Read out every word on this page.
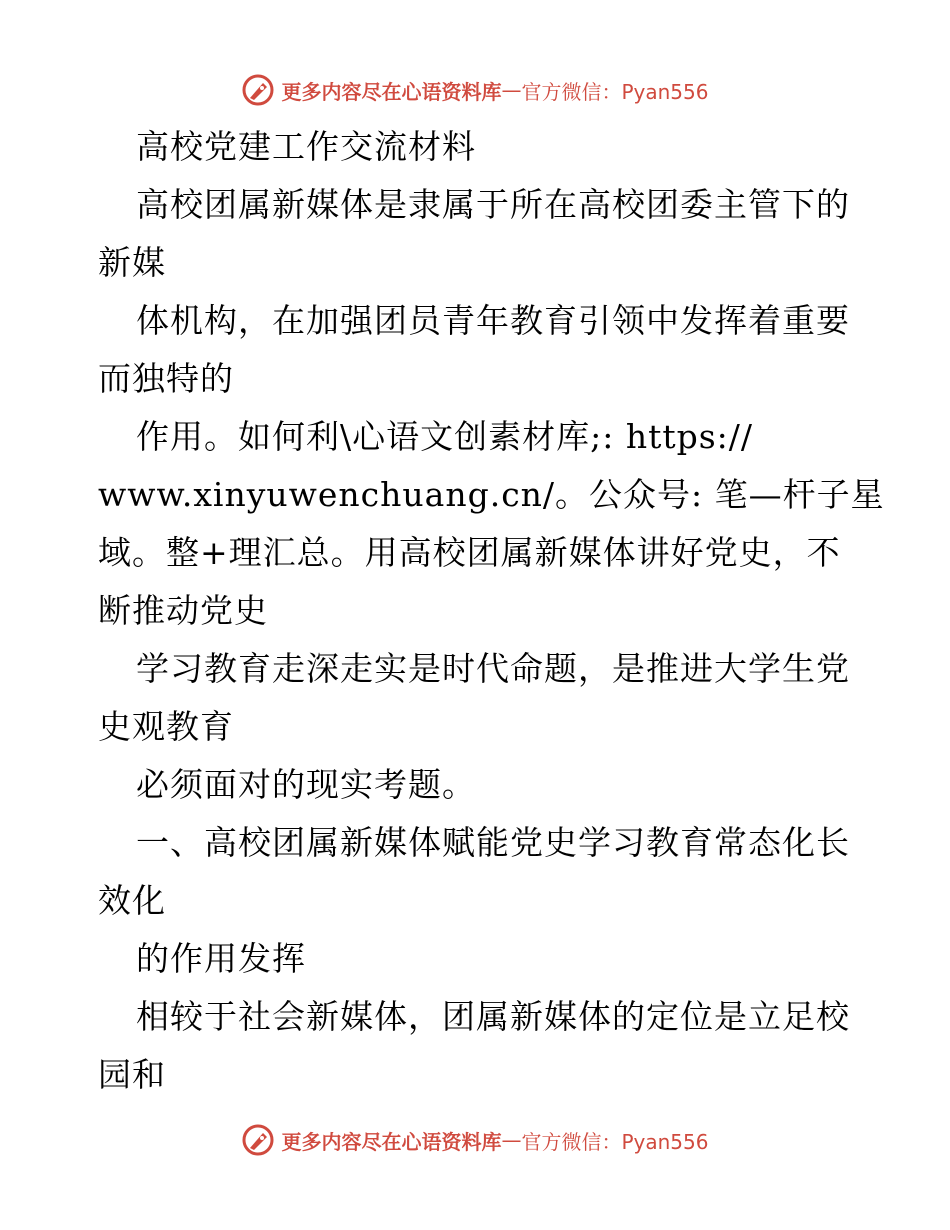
更多内容尽在心语资料库 — 官方微信：Pyan556
高校党建工作交流材料
高校团属新媒体是隶属于所在高校团委主管下的
新媒
体机构，在加强团员青年教育引领中发挥着重要
而独特的
作用。如何利\心语文创素材库;: https://
www.xinyuwenchuang.cn/。公众号: 笔—杆子星
域。整+理汇总。用高校团属新媒体讲好党史，不
断推动党史
学习教育走深走实是时代命题，是推进大学生党
史观教育
必须面对的现实考题。
一、高校团属新媒体赋能党史学习教育常态化长
效化
的作用发挥
相较于社会新媒体，团属新媒体的定位是立足校
园和
更多内容尽在心语资料库 — 官方微信：Pyan556
